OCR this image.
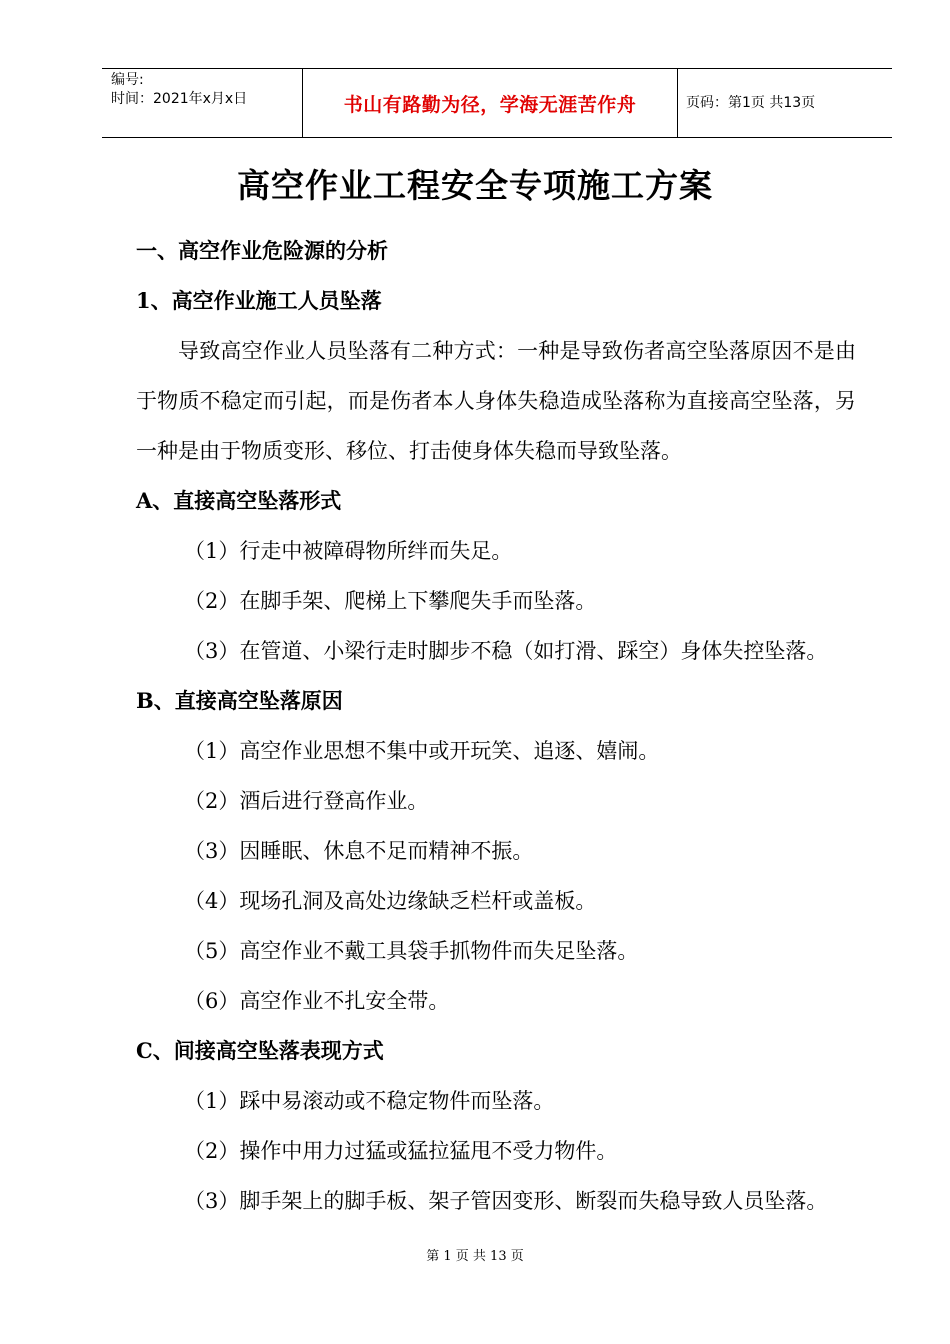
编号:
时间：2021年x月x日	书山有路勤为径，学海无涯苦作舟	页码：第1页 共13页
高空作业工程安全专项施工方案
一、高空作业危险源的分析
1、高空作业施工人员坠落
导致高空作业人员坠落有二种方式：一种是导致伤者高空坠落原因不是由于物质不稳定而引起，而是伤者本人身体失稳造成坠落称为直接高空坠落，另一种是由于物质变形、移位、打击使身体失稳而导致坠落。
A、直接高空坠落形式
（1）行走中被障碍物所绊而失足。
（2）在脚手架、爬梯上下攀爬失手而坠落。
（3）在管道、小梁行走时脚步不稳（如打滑、踩空）身体失控坠落。
B、直接高空坠落原因
（1）高空作业思想不集中或开玩笑、追逐、嬉闹。
（2）酒后进行登高作业。
（3）因睡眠、休息不足而精神不振。
（4）现场孔洞及高处边缘缺乏栏杆或盖板。
（5）高空作业不戴工具袋手抓物件而失足坠落。
（6）高空作业不扎安全带。
C、间接高空坠落表现方式
（1）踩中易滚动或不稳定物件而坠落。
（2）操作中用力过猛或猛拉猛甩不受力物件。
（3）脚手架上的脚手板、架子管因变形、断裂而失稳导致人员坠落。
第 1 页 共 13 页
